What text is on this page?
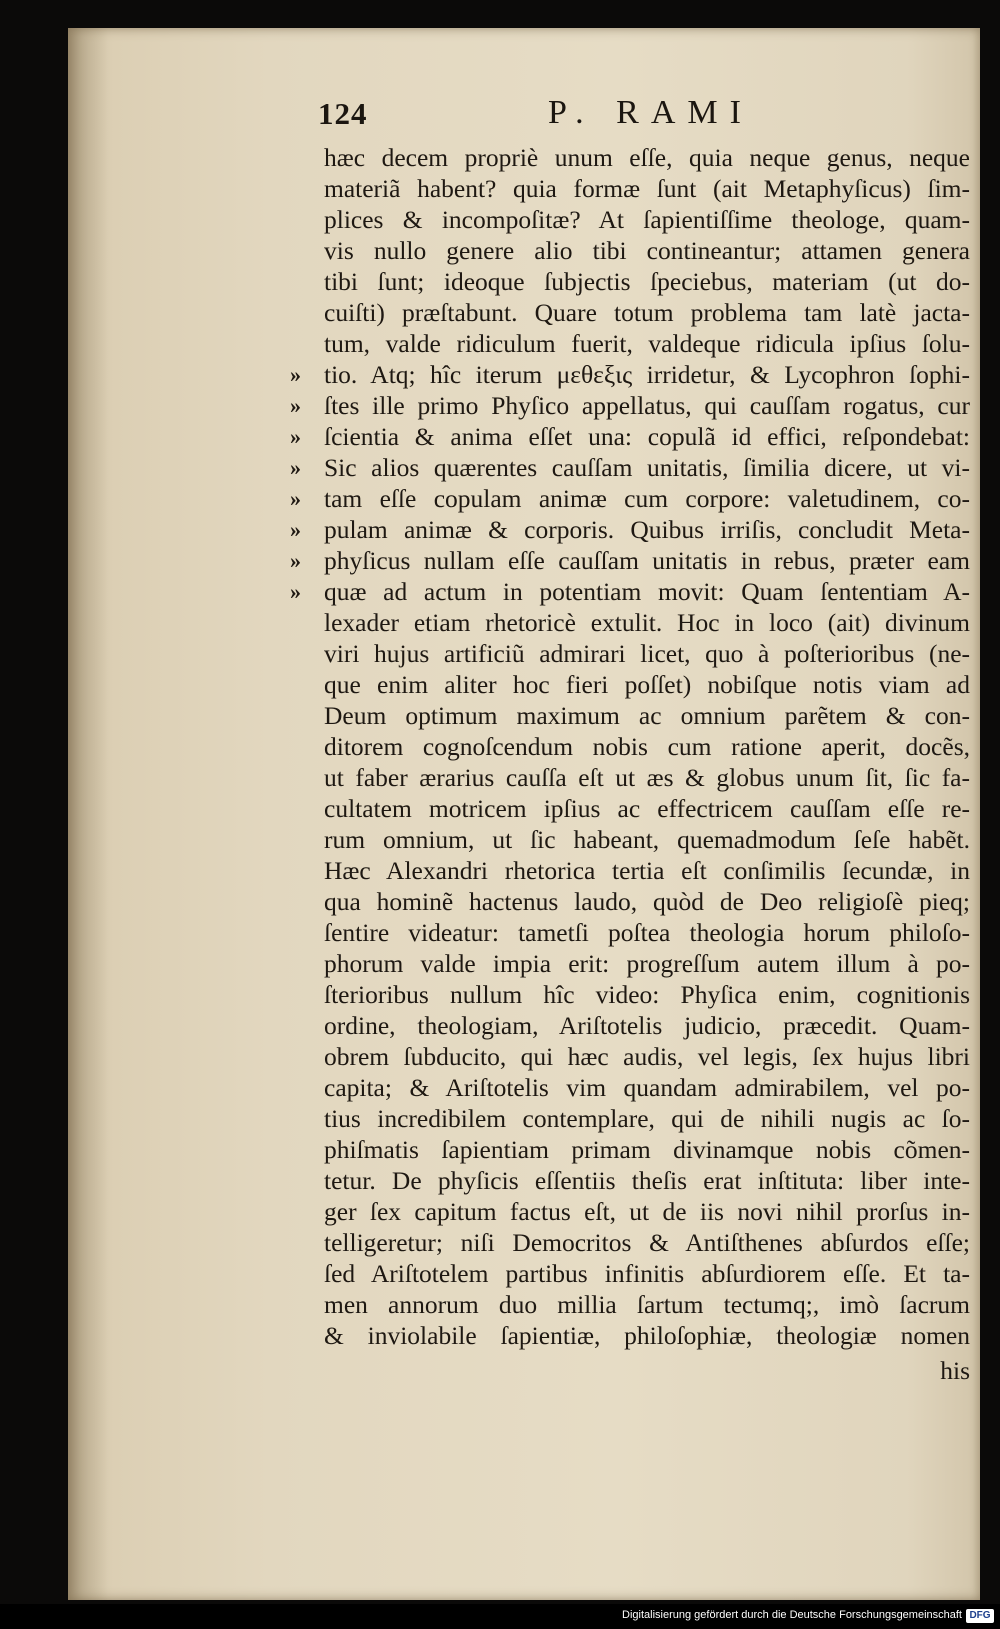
124	P. RAMI
hæc decem propriè unum eſſe, quia neque genus, neque
materiã habent? quia formæ ſunt (ait Metaphyſicus) ſim-
plices & incompoſitæ? At ſapientiſſime theologe, quam-
vis nullo genere alio tibi contineantur; attamen genera
tibi ſunt; ideoque ſubjectis ſpeciebus, materiam (ut do-
cuiſti) præſtabunt. Quare totum problema tam latè jacta-
tum, valde ridiculum fuerit, valdeque ridicula ipſius ſolu-
tio. Atq; hîc iterum μεθεξις irridetur, & Lycophron ſophi-
ſtes ille primo Phyſico appellatus, qui cauſſam rogatus, cur
ſcientia & anima eſſet una: copulã id effici, reſpondebat:
Sic alios quærentes cauſſam unitatis, ſimilia dicere, ut vi-
tam eſſe copulam animæ cum corpore: valetudinem, co-
pulam animæ & corporis. Quibus irriſis, concludit Meta-
phyſicus nullam eſſe cauſſam unitatis in rebus, præter eam
quæ ad actum in potentiam movit: Quam ſententiam A-
lexader etiam rhetoricè extulit. Hoc in loco (ait) divinum
viri hujus artificiũ admirari licet, quo à poſterioribus (ne-
que enim aliter hoc fieri poſſet) nobiſque notis viam ad
Deum optimum maximum ac omnium parẽtem & con-
ditorem cognoſcendum nobis cum ratione aperit, docẽs,
ut faber ærarius cauſſa eſt ut æs & globus unum ſit, ſic fa-
cultatem motricem ipſius ac effectricem cauſſam eſſe re-
rum omnium, ut ſic habeant, quemadmodum ſeſe habẽt.
Hæc Alexandri rhetorica tertia eſt conſimilis ſecundæ, in
qua hominẽ hactenus laudo, quòd de Deo religioſè pieq;
ſentire videatur: tametſi poſtea theologia horum philoſo-
phorum valde impia erit: progreſſum autem illum à po-
ſterioribus nullum hîc video: Phyſica enim, cognitionis
ordine, theologiam, Ariſtotelis judicio, præcedit. Quam-
obrem ſubducito, qui hæc audis, vel legis, ſex hujus libri
capita; & Ariſtotelis vim quandam admirabilem, vel po-
tius incredibilem contemplare, qui de nihili nugis ac ſo-
phiſmatis ſapientiam primam divinamque nobis cõmen-
tetur. De phyſicis eſſentiis theſis erat inſtituta: liber inte-
ger ſex capitum factus eſt, ut de iis novi nihil prorſus in-
telligeretur; niſi Democritos & Antiſthenes abſurdos eſſe;
ſed Ariſtotelem partibus infinitis abſurdiorem eſſe. Et ta-
men annorum duo millia ſartum tectumq;, imò ſacrum
& inviolabile ſapientiæ, philoſophiæ, theologiæ nomen
his
»
»
»
»
»
»
»
»
Digitalisierung gefördert durch die Deutsche Forschungsgemeinschaft DFG
